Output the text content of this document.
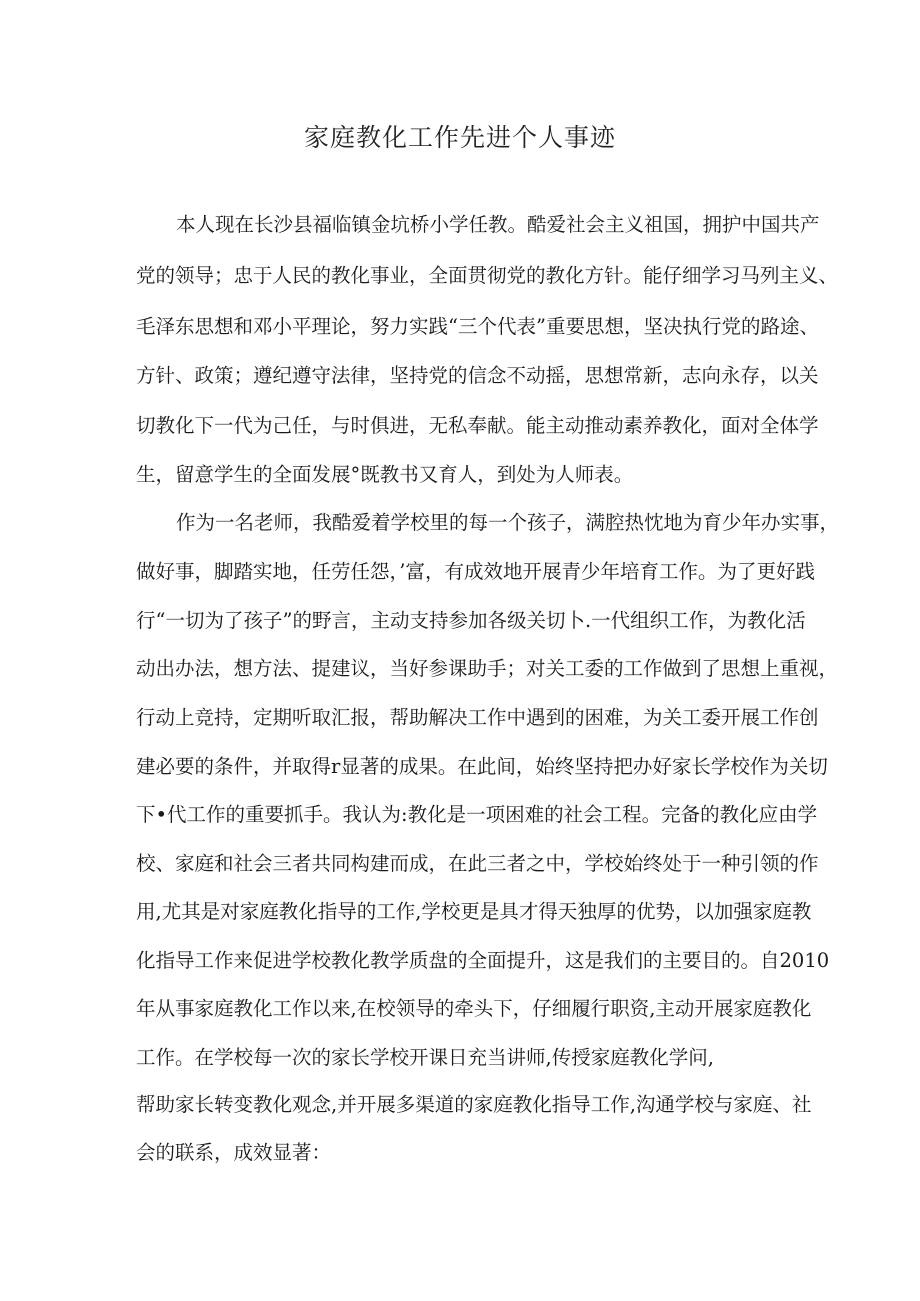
家庭教化工作先进个人事迹
本人现在长沙县福临镇金坑桥小学任教。酷爱社会主义祖国，拥护中国共产
党的领导；忠于人民的教化事业，全面贯彻党的教化方针。能仔细学习马列主义、
毛泽东思想和邓小平理论，努力实践“三个代表”重要思想，坚决执行党的路途、
方针、政策；遵纪遵守法律，坚持党的信念不动摇，思想常新，志向永存，以关
切教化下一代为己任，与时俱进，无私奉献。能主动推动素养教化，面对全体学
生，留意学生的全面发展°既教书又育人，到处为人师表。
作为一名老师，我酷爱着学校里的每一个孩子，满腔热忱地为育少年办实事，
做好事，脚踏实地，任劳任怨，’富，有成效地开展青少年培育工作。为了更好践
行“一切为了孩子”的野言，主动支持参加各级关切卜.一代组织工作，为教化活
动出办法，想方法、提建议，当好参课助手；对关工委的工作做到了思想上重视，
行动上竞持，定期听取汇报，帮助解决工作中遇到的困难，为关工委开展工作创
建必要的条件，并取得r显著的成果。在此间，始终坚持把办好家长学校作为关切
下•代工作的重要抓手。我认为:教化是一项困难的社会工程。完备的教化应由学
校、家庭和社会三者共同构建而成，在此三者之中，学校始终处于一种引领的作
用,尤其是对家庭教化指导的工作,学校更是具才得天独厚的优势，以加强家庭教
化指导工作来促进学校教化教学质盘的全面提升，这是我们的主要目的。自2010
年从事家庭教化工作以来,在校领导的牵头下，仔细履行职资,主动开展家庭教化
工作。在学校每一次的家长学校开课日充当讲师,传授家庭教化学问,
帮助家长转变教化观念,并开展多渠道的家庭教化指导工作,沟通学校与家庭、社
会的联系，成效显著：
